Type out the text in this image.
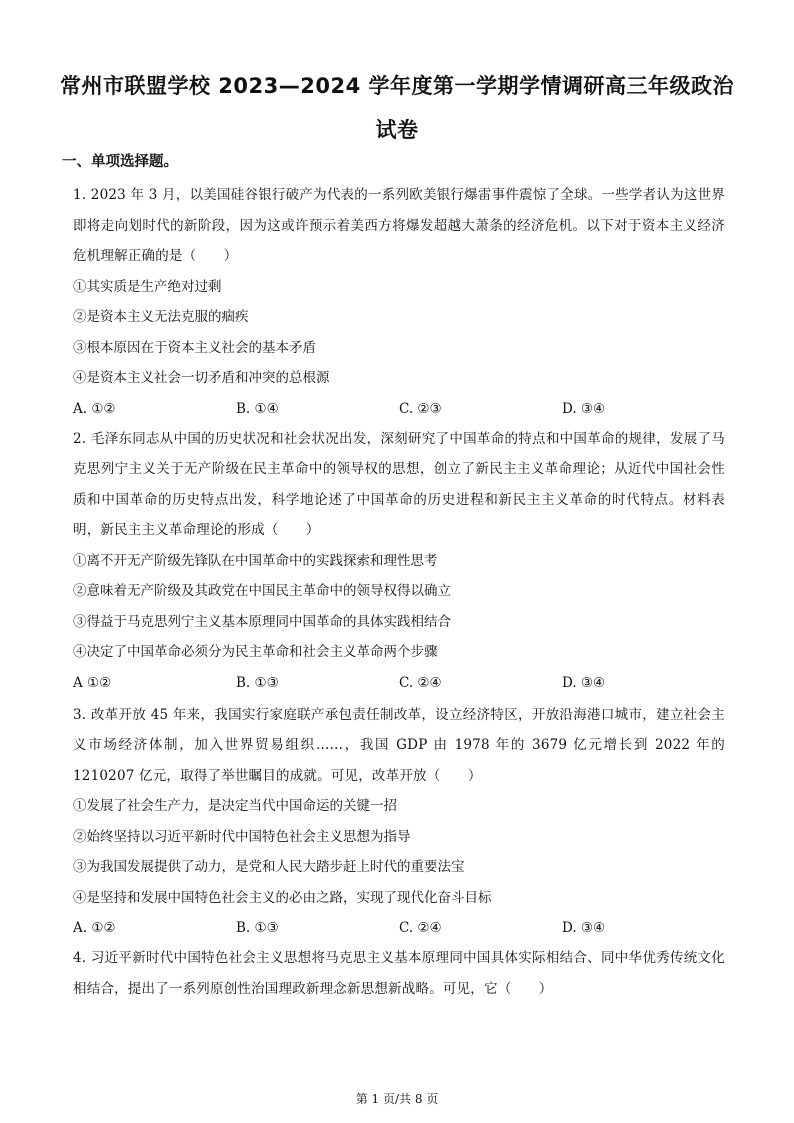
常州市联盟学校 2023—2024 学年度第一学期学情调研高三年级政治
试卷
一、单项选择题。

1. 2023 年 3 月，以美国硅谷银行破产为代表的一系列欧美银行爆雷事件震惊了全球。一些学者认为这世界即将走向划时代的新阶段，因为这或许预示着美西方将爆发超越大萧条的经济危机。以下对于资本主义经济危机理解正确的是（　　）

①其实质是生产绝对过剩

②是资本主义无法克服的痼疾

③根本原因在于资本主义社会的基本矛盾

④是资本主义社会一切矛盾和冲突的总根源

A. ①②	B. ①④	C. ②③	D. ③④

2. 毛泽东同志从中国的历史状况和社会状况出发，深刻研究了中国革命的特点和中国革命的规律，发展了马克思列宁主义关于无产阶级在民主革命中的领导权的思想，创立了新民主主义革命理论；从近代中国社会性质和中国革命的历史特点出发，科学地论述了中国革命的历史进程和新民主主义革命的时代特点。材料表明，新民主主义革命理论的形成（　　）

①离不开无产阶级先锋队在中国革命中的实践探索和理性思考

②意味着无产阶级及其政党在中国民主革命中的领导权得以确立

③得益于马克思列宁主义基本原理同中国革命的具体实践相结合

④决定了中国革命必须分为民主革命和社会主义革命两个步骤

A ①②	B. ①③	C. ②④	D. ③④

3. 改革开放 45 年来，我国实行家庭联产承包责任制改革，设立经济特区，开放沿海港口城市，建立社会主义市场经济体制，加入世界贸易组织……，我国 GDP 由 1978 年的 3679 亿元增长到 2022 年的 1210207 亿元，取得了举世瞩目的成就。可见，改革开放（　　）

①发展了社会生产力，是决定当代中国命运的关键一招

②始终坚持以习近平新时代中国特色社会主义思想为指导

③为我国发展提供了动力，是党和人民大踏步赶上时代的重要法宝

④是坚持和发展中国特色社会主义的必由之路，实现了现代化奋斗目标

A. ①②	B. ①③	C. ②④	D. ③④

4. 习近平新时代中国特色社会主义思想将马克思主义基本原理同中国具体实际相结合、同中华优秀传统文化相结合，提出了一系列原创性治国理政新理念新思想新战略。可见，它（　　）

第 1 页/共 8 页
